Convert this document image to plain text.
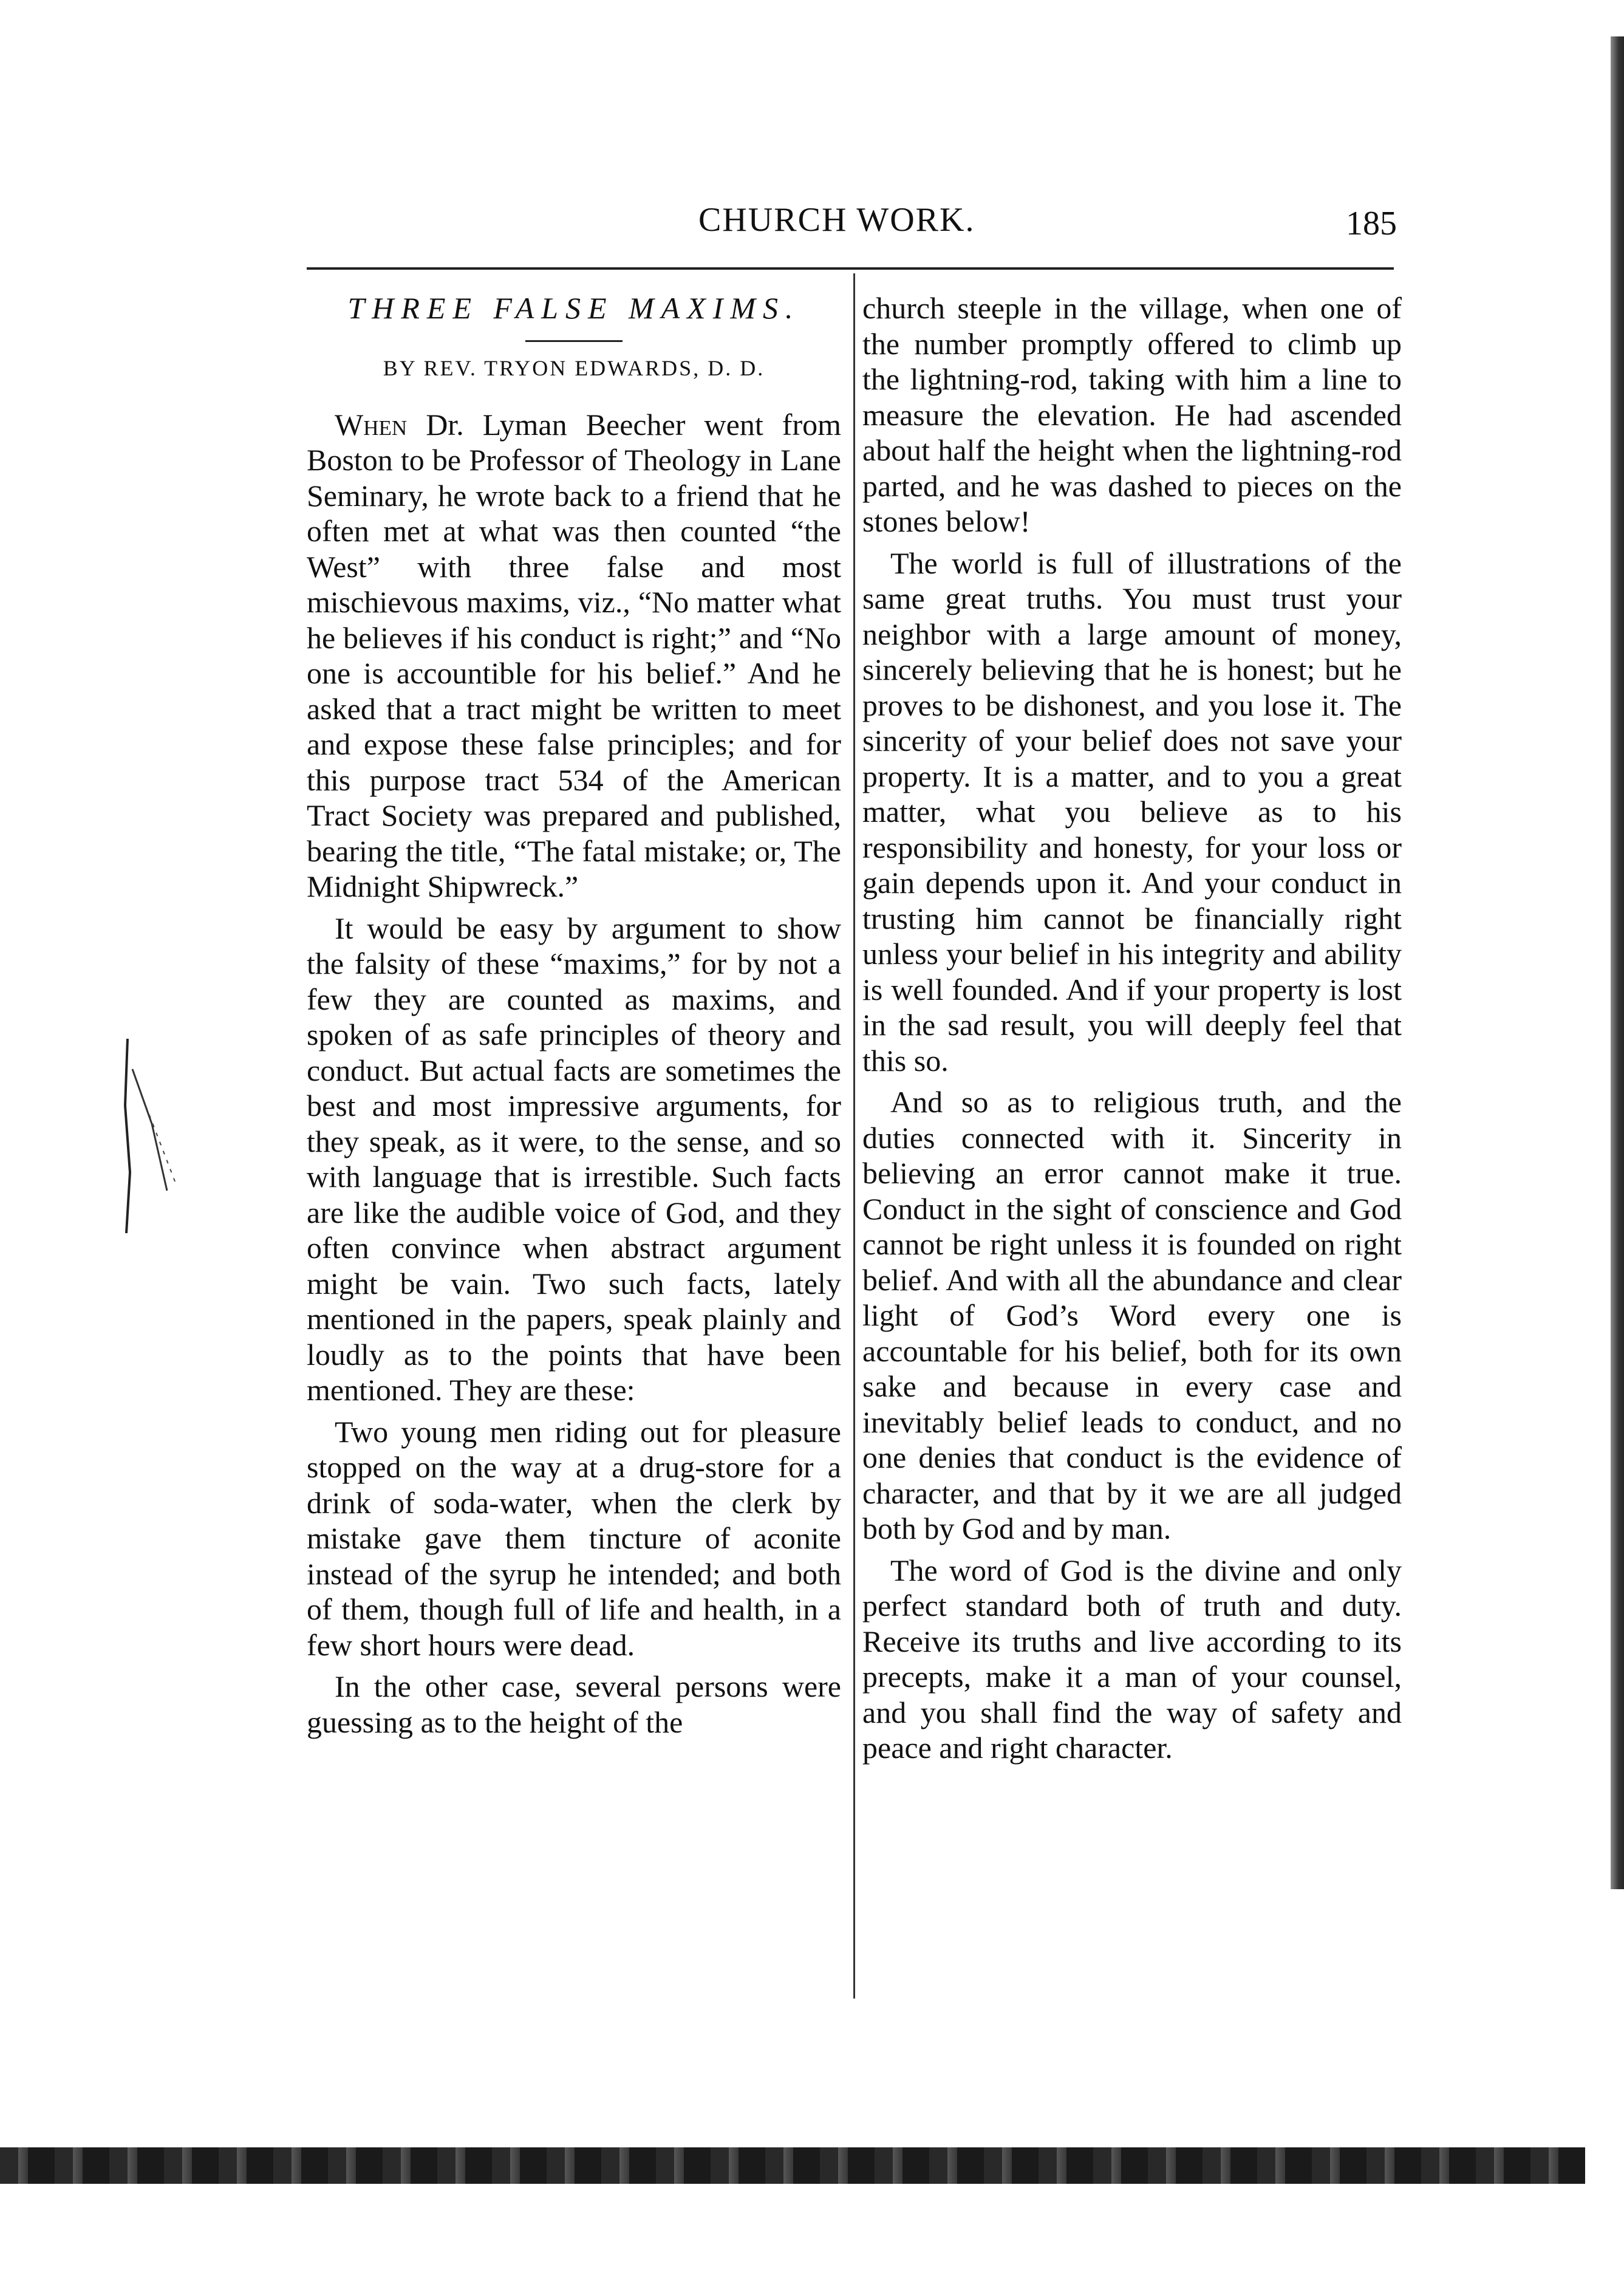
CHURCH WORK.	185

THREE FALSE MAXIMS.

BY REV. TRYON EDWARDS, D. D.

When Dr. Lyman Beecher went from Boston to be Professor of Theology in Lane Seminary, he wrote back to a friend that he often met at what was then counted “the West” with three false and most mischievous maxims, viz., “No matter what he believes if his conduct is right;” and “No one is accountible for his belief.” And he asked that a tract might be written to meet and expose these false principles; and for this purpose tract 534 of the American Tract Society was prepared and published, bearing the title, “The fatal mistake; or, The Midnight Shipwreck.”

It would be easy by argument to show the falsity of these “maxims,” for by not a few they are counted as maxims, and spoken of as safe principles of theory and conduct. But actual facts are sometimes the best and most impressive arguments, for they speak, as it were, to the sense, and so with language that is irrestible. Such facts are like the audible voice of God, and they often convince when abstract argument might be vain. Two such facts, lately mentioned in the papers, speak plainly and loudly as to the points that have been mentioned. They are these:

Two young men riding out for pleasure stopped on the way at a drug-store for a drink of soda-water, when the clerk by mistake gave them tincture of aconite instead of the syrup he intended; and both of them, though full of life and health, in a few short hours were dead.

In the other case, several persons were guessing as to the height of the

church steeple in the village, when one of the number promptly offered to climb up the lightning-rod, taking with him a line to measure the elevation. He had ascended about half the height when the lightning-rod parted, and he was dashed to pieces on the stones below!

The world is full of illustrations of the same great truths. You must trust your neighbor with a large amount of money, sincerely believing that he is honest; but he proves to be dishonest, and you lose it. The sincerity of your belief does not save your property. It is a matter, and to you a great matter, what you believe as to his responsibility and honesty, for your loss or gain depends upon it. And your conduct in trusting him cannot be financially right unless your belief in his integrity and ability is well founded. And if your property is lost in the sad result, you will deeply feel that this so.

And so as to religious truth, and the duties connected with it. Sincerity in believing an error cannot make it true. Conduct in the sight of conscience and God cannot be right unless it is founded on right belief. And with all the abundance and clear light of God’s Word every one is accountable for his belief, both for its own sake and because in every case and inevitably belief leads to conduct, and no one denies that conduct is the evidence of character, and that by it we are all judged both by God and by man.

The word of God is the divine and only perfect standard both of truth and duty. Receive its truths and live according to its precepts, make it a man of your counsel, and you shall find the way of safety and peace and right character.
